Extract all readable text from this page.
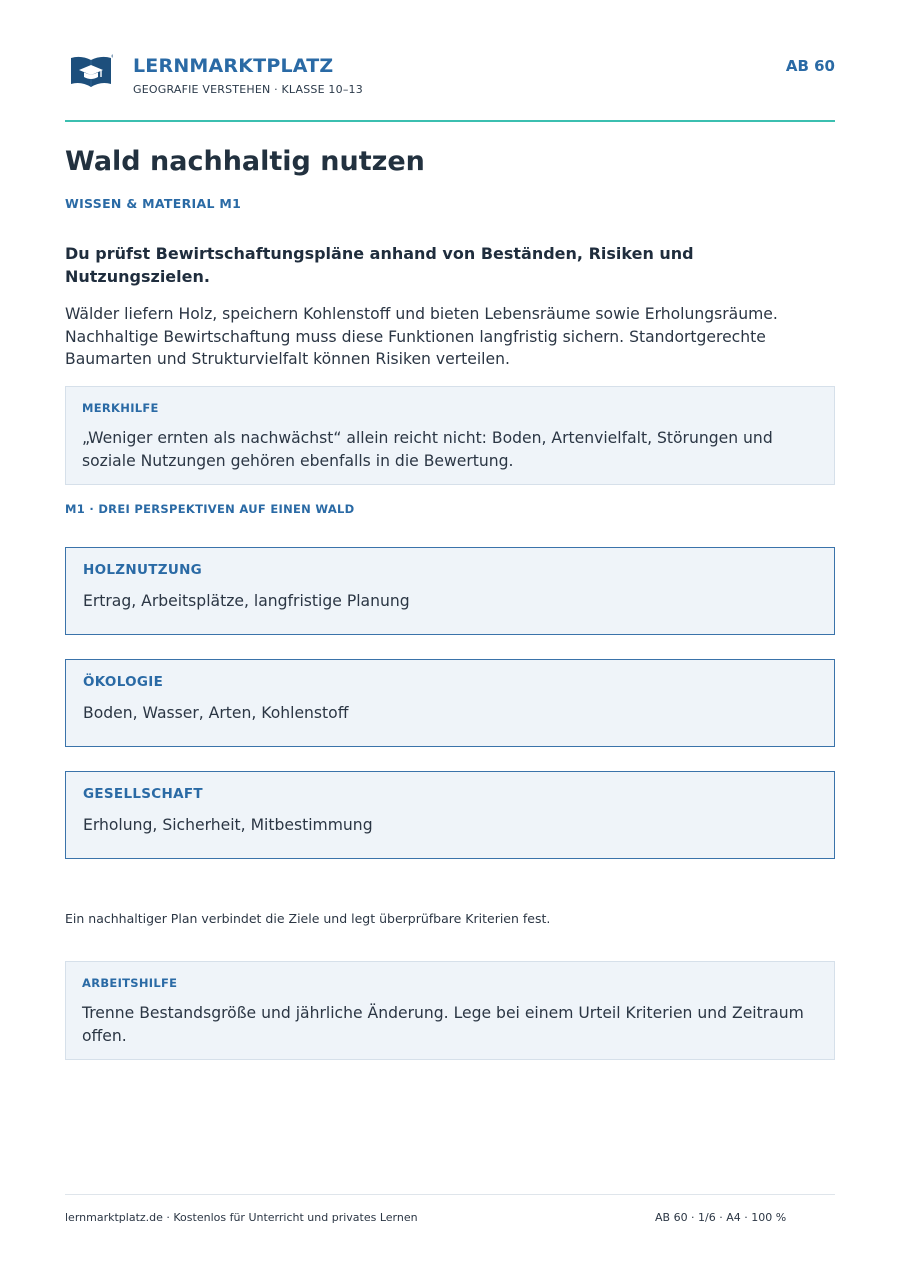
LERNMARKTPLATZ
GEOGRAFIE VERSTEHEN · KLASSE 10–13
AB 60
Wald nachhaltig nutzen
WISSEN & MATERIAL M1

Du prüfst Bewirtschaftungspläne anhand von Beständen, Risiken und Nutzungszielen.

Wälder liefern Holz, speichern Kohlenstoff und bieten Lebensräume sowie Erholungsräume. Nachhaltige Bewirtschaftung muss diese Funktionen langfristig sichern. Standortgerechte Baumarten und Strukturvielfalt können Risiken verteilen.

MERKHILFE

„Weniger ernten als nachwächst“ allein reicht nicht: Boden, Artenvielfalt, Störungen und soziale Nutzungen gehören ebenfalls in die Bewertung.

M1 · DREI PERSPEKTIVEN AUF EINEN WALD
HOLZNUTZUNG
Ertrag, Arbeitsplätze, langfristige Planung
ÖKOLOGIE
Boden, Wasser, Arten, Kohlenstoff
GESELLSCHAFT
Erholung, Sicherheit, Mitbestimmung

Ein nachhaltiger Plan verbindet die Ziele und legt überprüfbare Kriterien fest.

ARBEITSHILFE

Trenne Bestandsgröße und jährliche Änderung. Lege bei einem Urteil Kriterien und Zeitraum offen.

lernmarktplatz.de · Kostenlos für Unterricht und privates Lernen	AB 60 · 1/6 · A4 · 100 %
